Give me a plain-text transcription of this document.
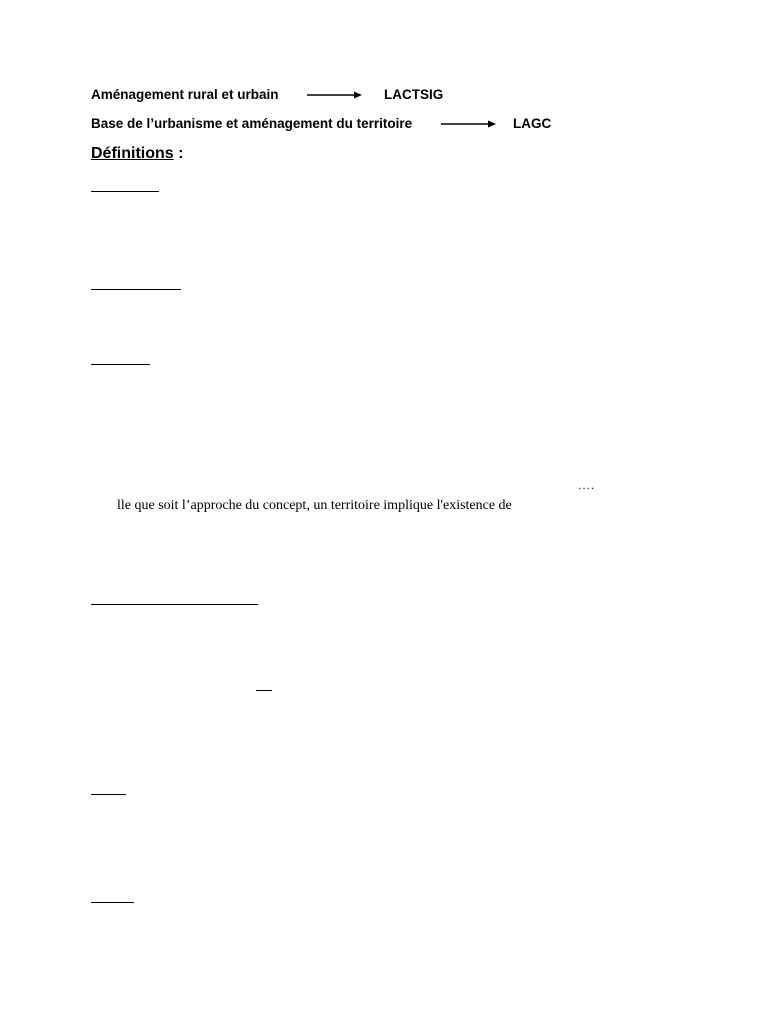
Aménagement rural et urbain	LACTSIG
Base de l’urbanisme et aménagement du territoire	LAGC
Définitions :
….
lle que soit l’approche du concept, un territoire implique l'existence de
